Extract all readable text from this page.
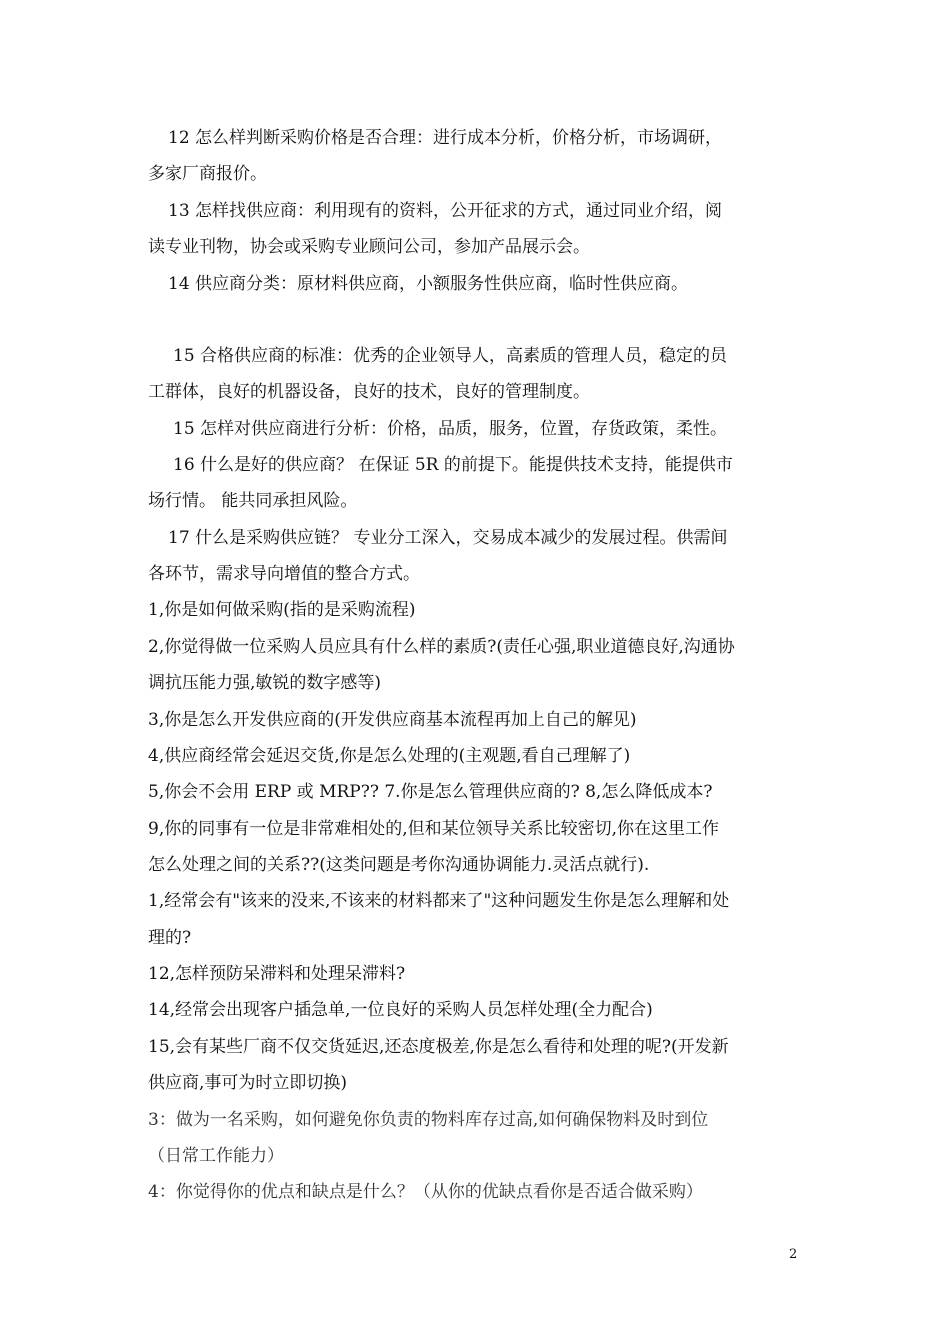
12 怎么样判断采购价格是否合理：进行成本分析，价格分析，市场调研，
多家厂商报价。
13 怎样找供应商：利用现有的资料，公开征求的方式，通过同业介绍，阅
读专业刊物，协会或采购专业顾问公司，参加产品展示会。
14 供应商分类：原材料供应商，小额服务性供应商，临时性供应商。
15 合格供应商的标准：优秀的企业领导人，高素质的管理人员，稳定的员
工群体，良好的机器设备，良好的技术，良好的管理制度。
15 怎样对供应商进行分析：价格，品质，服务，位置，存货政策，柔性。
16 什么是好的供应商？ 在保证 5R 的前提下。能提供技术支持，能提供市
场行情。 能共同承担风险。
17 什么是采购供应链？ 专业分工深入，交易成本减少的发展过程。供需间
各环节，需求导向增值的整合方式。
1,你是如何做采购(指的是采购流程)
2,你觉得做一位采购人员应具有什么样的素质?(责任心强,职业道德良好,沟通协
调抗压能力强,敏锐的数字感等)
3,你是怎么开发供应商的(开发供应商基本流程再加上自己的解见)
4,供应商经常会延迟交货,你是怎么处理的(主观题,看自己理解了)
5,你会不会用 ERP 或 MRP?? 7.你是怎么管理供应商的? 8,怎么降低成本?
9,你的同事有一位是非常难相处的,但和某位领导关系比较密切,你在这里工作
怎么处理之间的关系??(这类问题是考你沟通协调能力.灵活点就行).
1,经常会有"该来的没来,不该来的材料都来了"这种问题发生你是怎么理解和处
理的?
12,怎样预防呆滞料和处理呆滞料?
14,经常会出现客户插急单,一位良好的采购人员怎样处理(全力配合)
15,会有某些厂商不仅交货延迟,还态度极差,你是怎么看待和处理的呢?(开发新
供应商,事可为时立即切换)
3：做为一名采购，如何避免你负责的物料库存过高,如何确保物料及时到位
（日常工作能力）
4：你觉得你的优点和缺点是什么？（从你的优缺点看你是否适合做采购）
2
